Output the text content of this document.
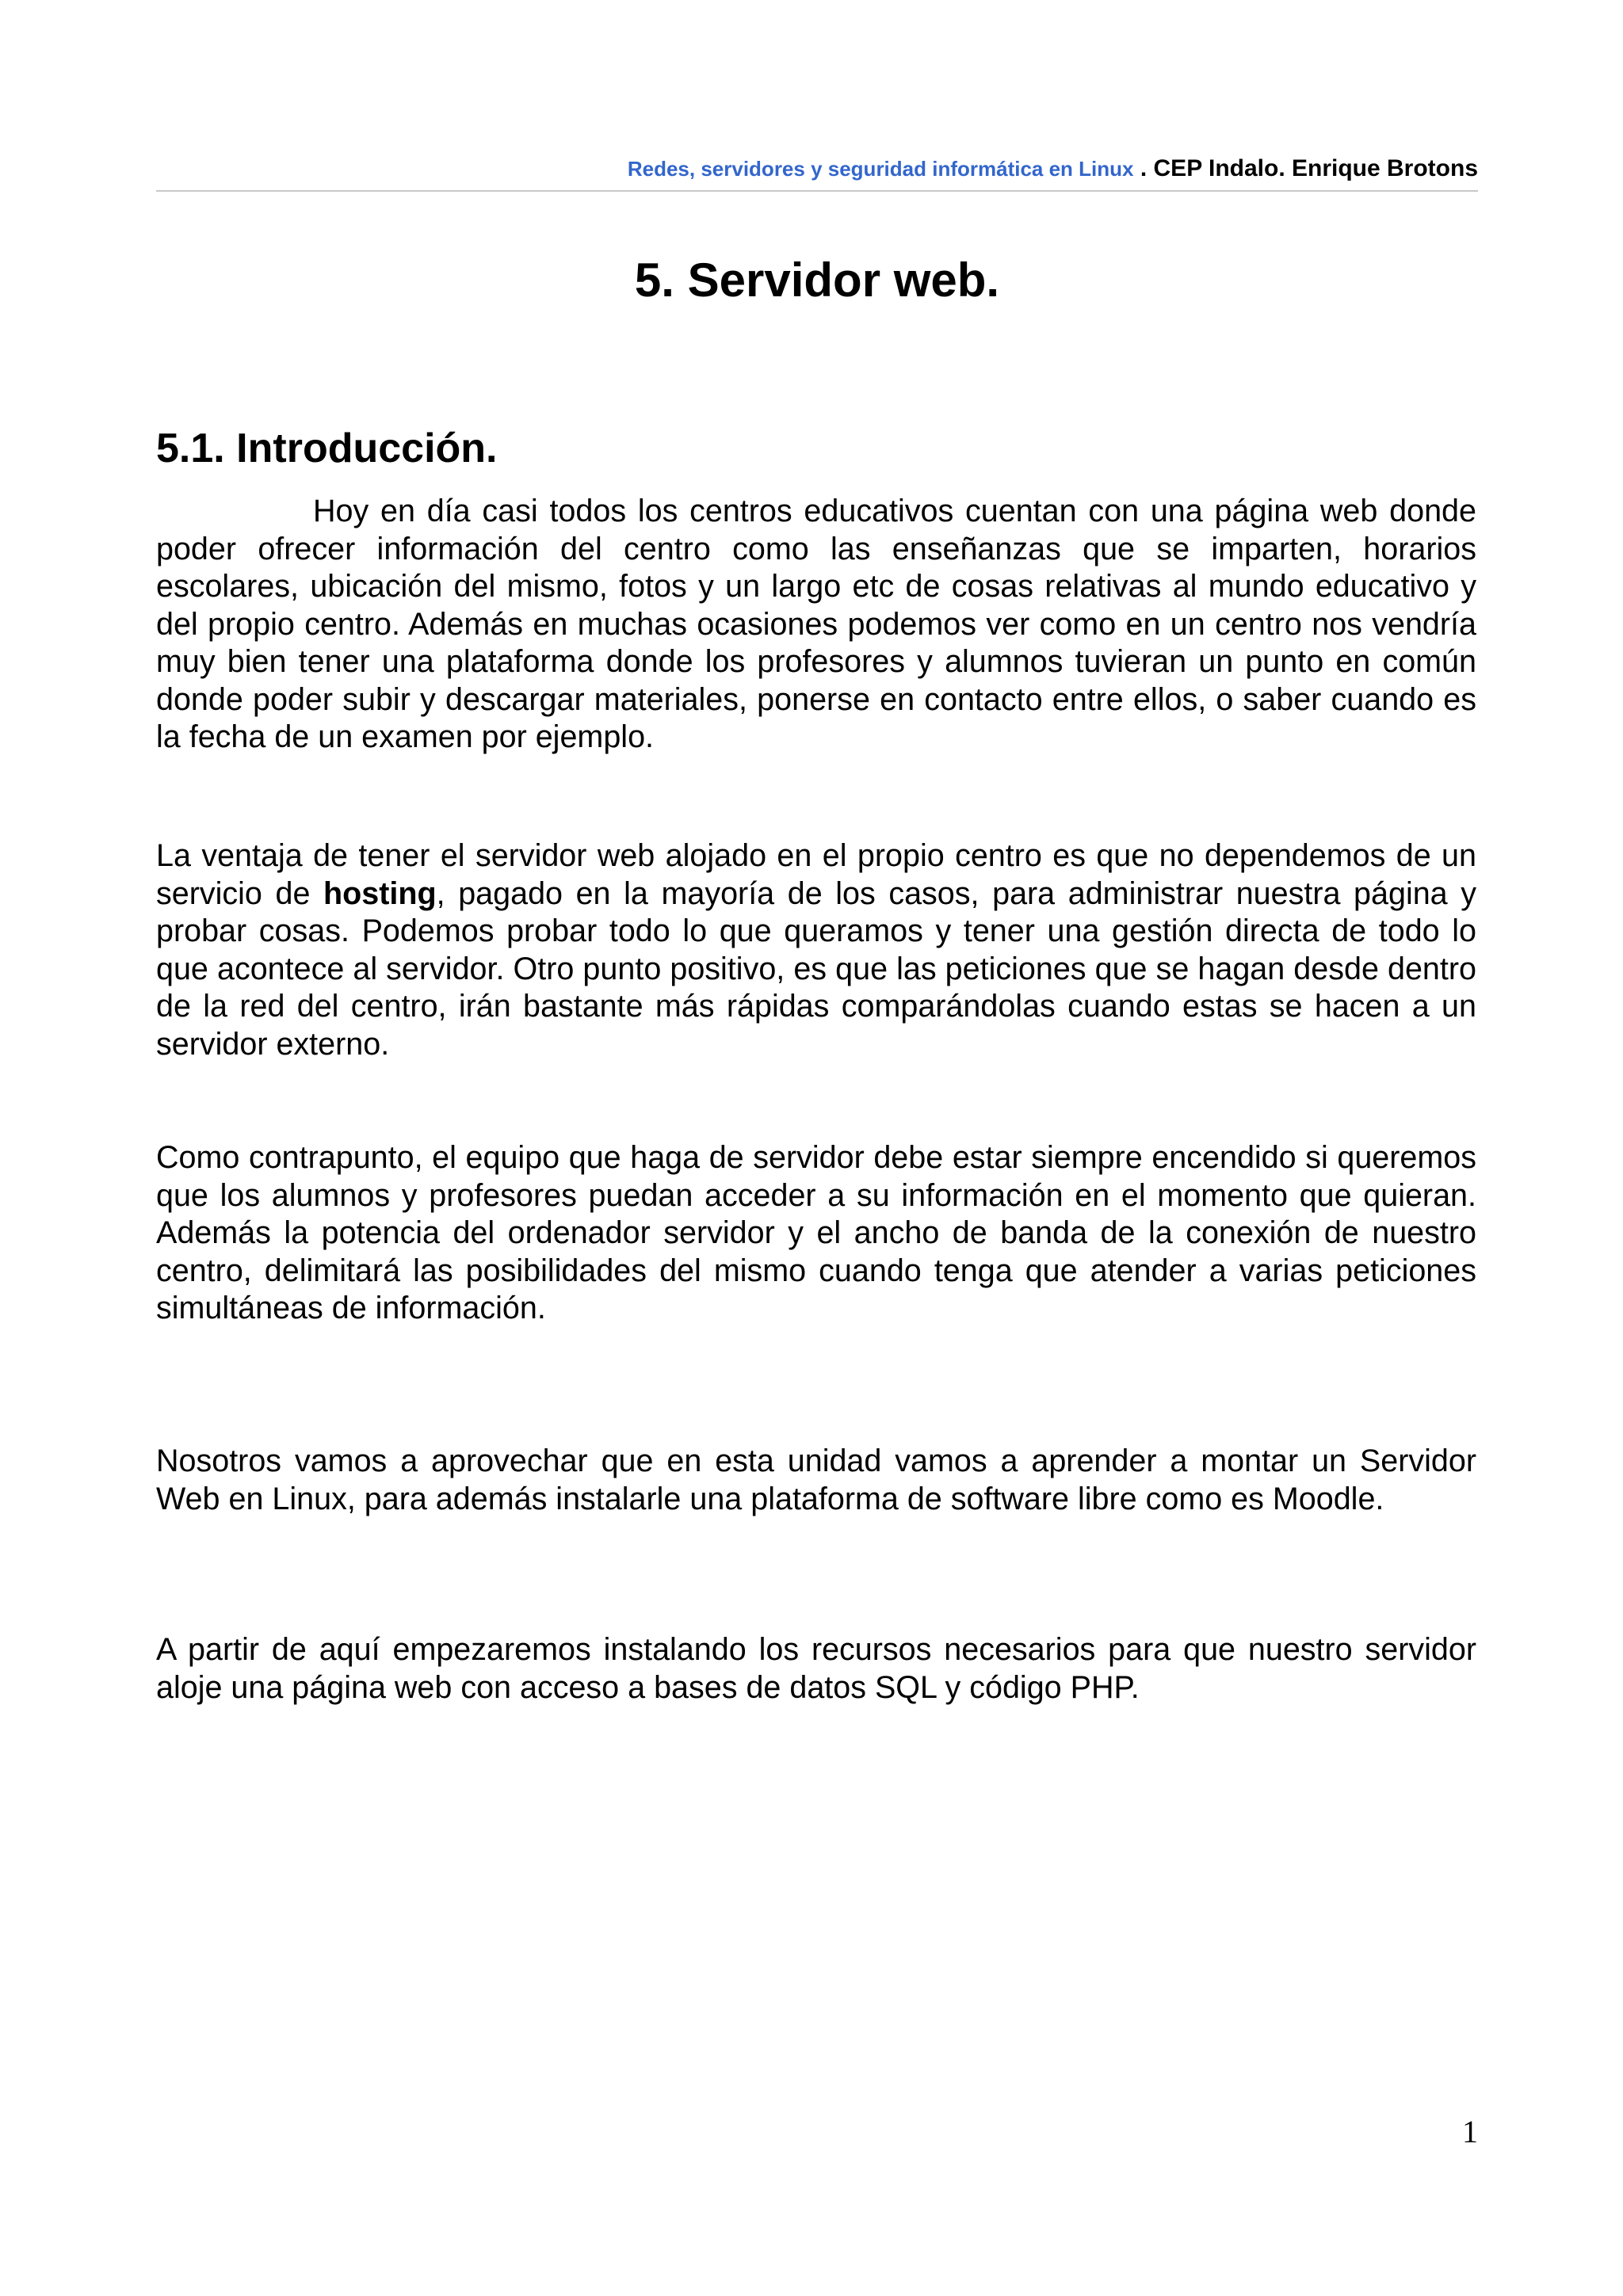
Redes, servidores y seguridad informática en Linux . CEP Indalo. Enrique Brotons
5. Servidor web.
5.1. Introducción.

Hoy en día casi todos los centros educativos cuentan con una página web donde poder ofrecer información del centro como las enseñanzas que se imparten, horarios escolares, ubicación del mismo, fotos y un largo etc de cosas relativas al mundo educativo y del propio centro. Además en muchas ocasiones podemos ver como en un centro nos vendría muy bien tener una plataforma donde los profesores y alumnos tuvieran un punto en común donde poder subir y descargar materiales, ponerse en contacto entre ellos, o saber cuando es la fecha de un examen por ejemplo.

La ventaja de tener el servidor web alojado en el propio centro es que no dependemos de un servicio de hosting, pagado en la mayoría de los casos, para administrar nuestra página y probar cosas. Podemos probar todo lo que queramos y tener una gestión directa de todo lo que acontece al servidor. Otro punto positivo, es que las peticiones que se hagan desde dentro de la red del centro, irán bastante más rápidas comparándolas cuando estas se hacen a un servidor externo.

Como contrapunto, el equipo que haga de servidor debe estar siempre encendido si queremos que los alumnos y profesores puedan acceder a su información en el momento que quieran. Además la potencia del ordenador servidor y el ancho de banda de la conexión de nuestro centro, delimitará las posibilidades del mismo cuando tenga que atender a varias peticiones simultáneas de información.

Nosotros vamos a aprovechar que en esta unidad vamos a aprender a montar un Servidor Web en Linux, para además instalarle una plataforma de software libre como es Moodle.

A partir de aquí empezaremos instalando los recursos necesarios para que nuestro servidor aloje una página web con acceso a bases de datos SQL y código PHP.

1
